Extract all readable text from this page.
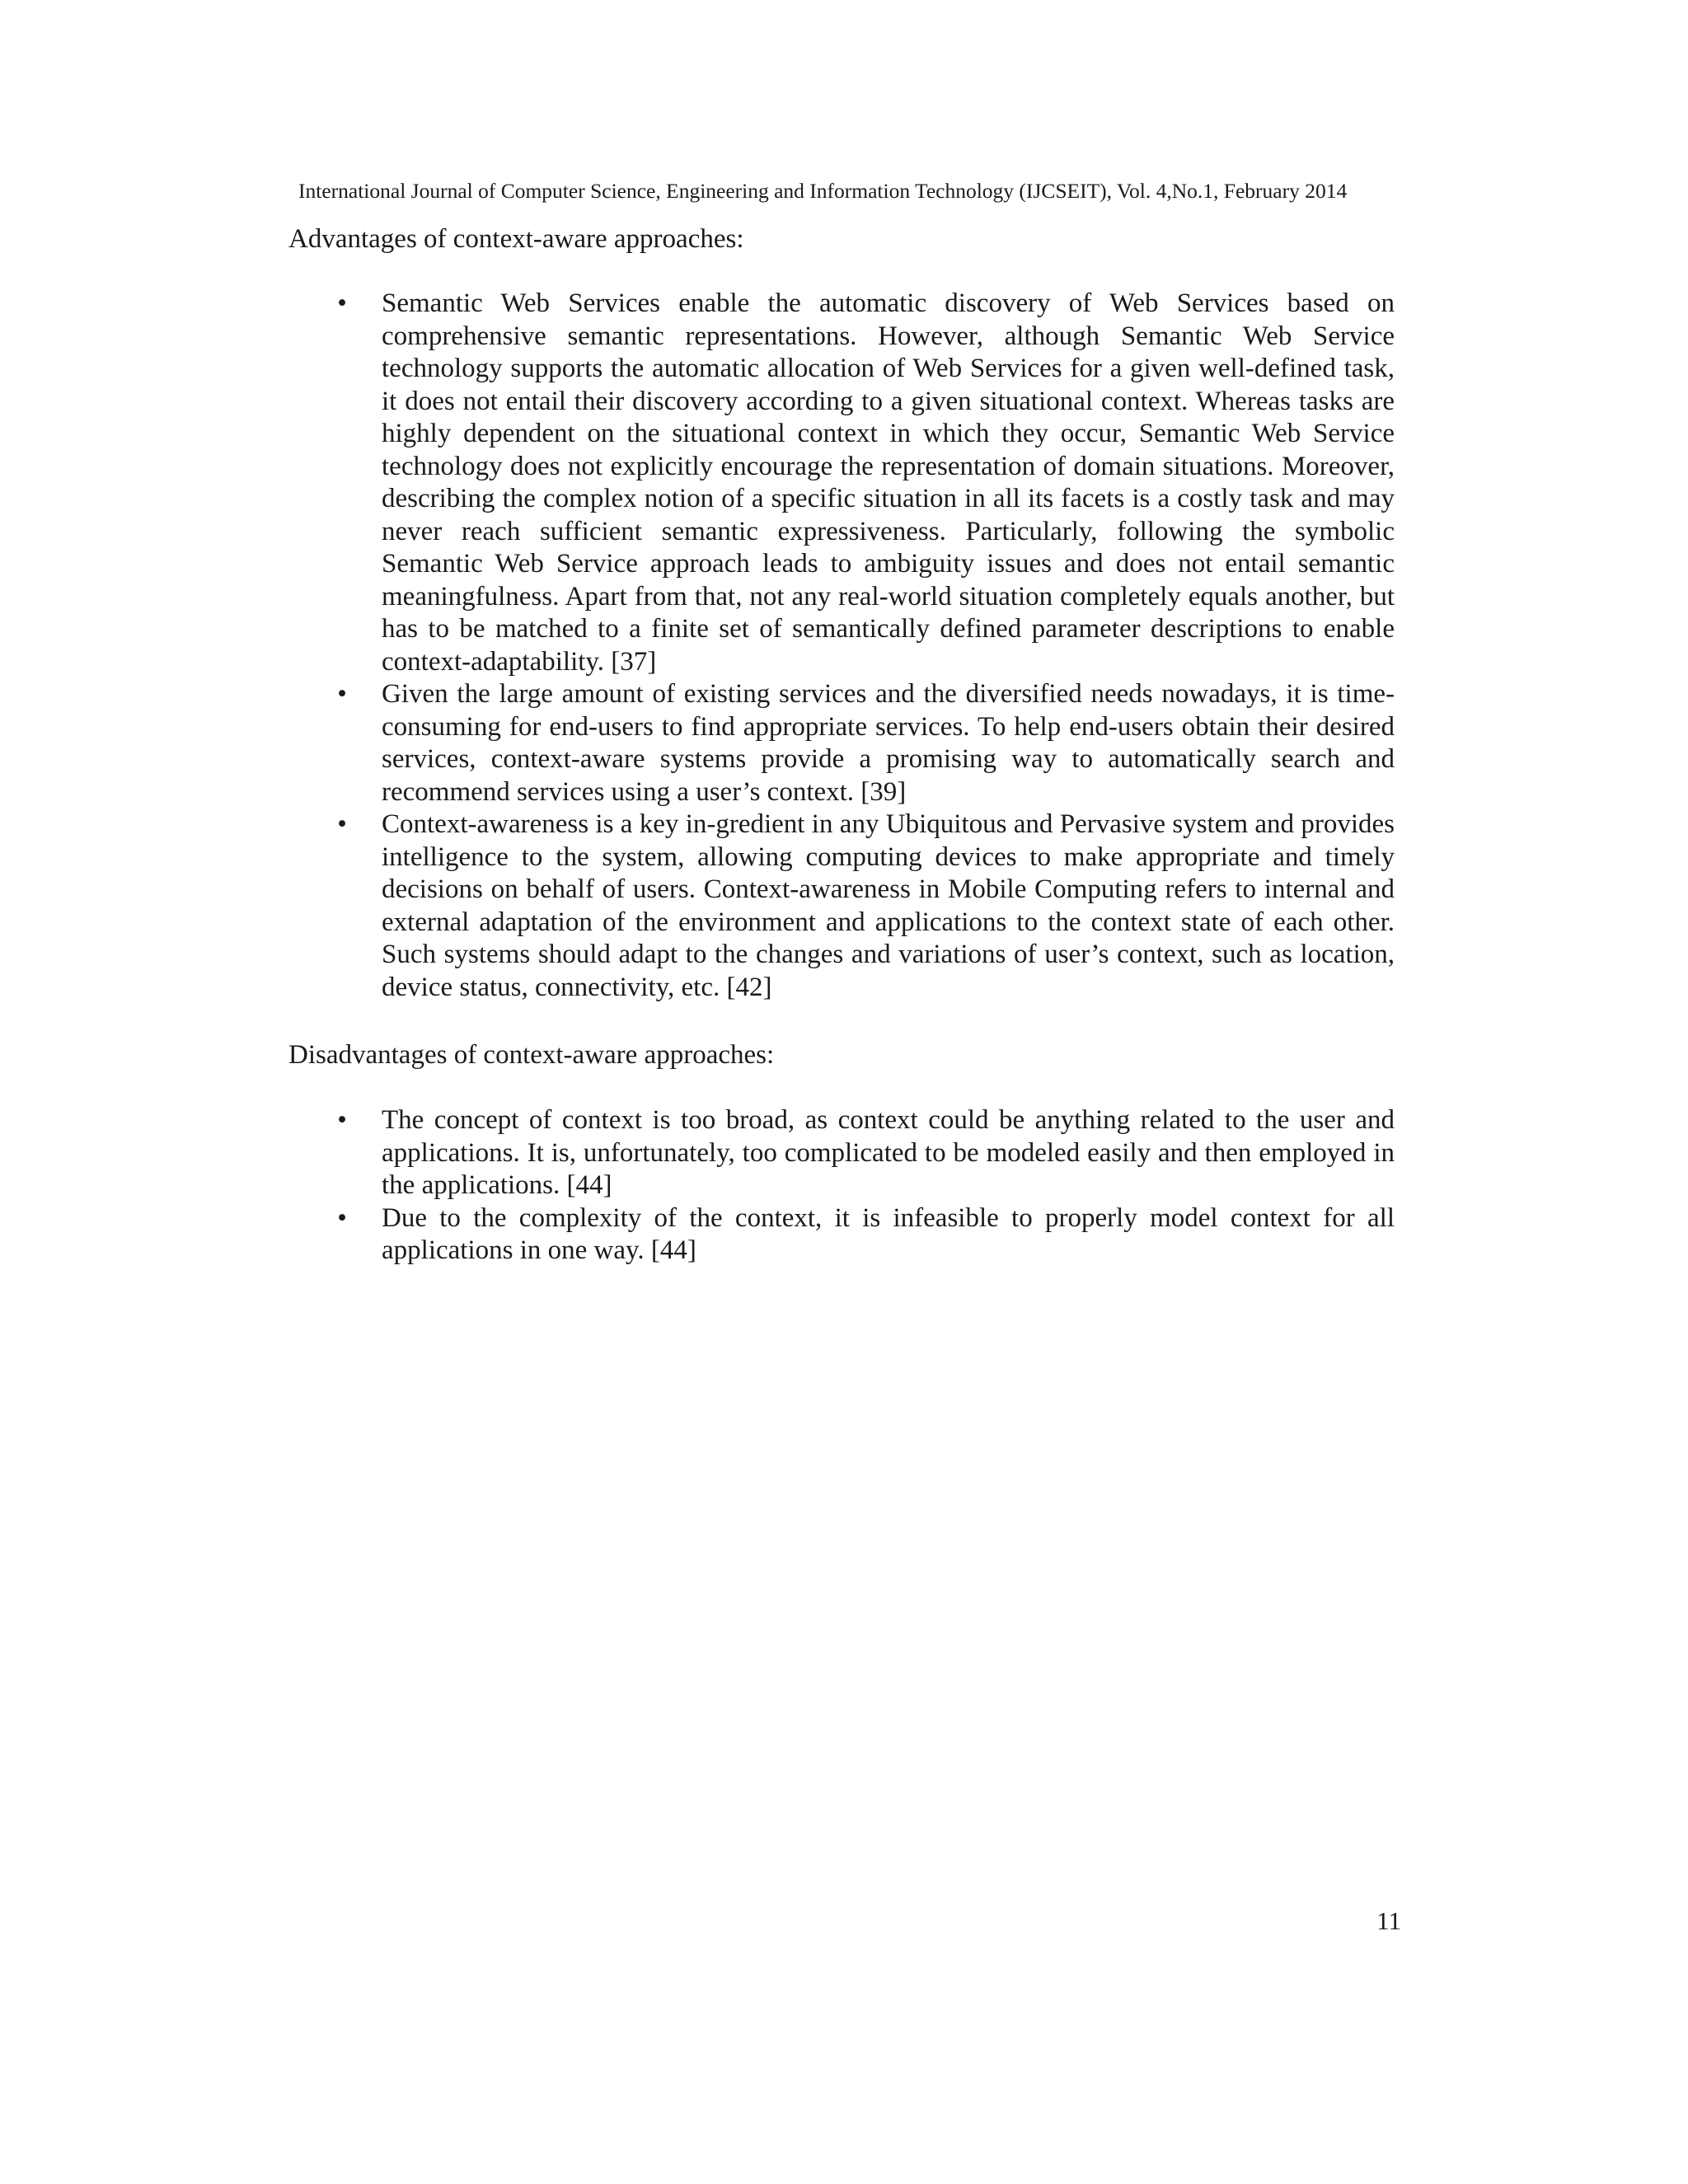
International Journal of Computer Science, Engineering and Information Technology (IJCSEIT), Vol. 4,No.1, February 2014
Advantages of context-aware approaches:
• Semantic Web Services enable the automatic discovery of Web Services based on comprehensive semantic representations. However, although Semantic Web Service technology supports the automatic allocation of Web Services for a given well-defined task, it does not entail their discovery according to a given situational context. Whereas tasks are highly dependent on the situational context in which they occur, Semantic Web Service technology does not explicitly encourage the representation of domain situations. Moreover, describing the complex notion of a specific situation in all its facets is a costly task and may never reach sufficient semantic expressiveness. Particularly, following the symbolic Semantic Web Service approach leads to ambiguity issues and does not entail semantic meaningfulness. Apart from that, not any real-world situation completely equals another, but has to be matched to a finite set of semantically defined parameter descriptions to enable context-adaptability. [37]
• Given the large amount of existing services and the diversified needs nowadays, it is time-consuming for end-users to find appropriate services. To help end-users obtain their desired services, context-aware systems provide a promising way to automatically search and recommend services using a user’s context. [39]
• Context-awareness is a key in-gredient in any Ubiquitous and Pervasive system and provides intelligence to the system, allowing computing devices to make appropriate and timely decisions on behalf of users. Context-awareness in Mobile Computing refers to internal and external adaptation of the environment and applications to the context state of each other. Such systems should adapt to the changes and variations of user’s context, such as location, device status, connectivity, etc. [42]
Disadvantages of context-aware approaches:
• The concept of context is too broad, as context could be anything related to the user and applications. It is, unfortunately, too complicated to be modeled easily and then employed in the applications. [44]
• Due to the complexity of the context, it is infeasible to properly model context for all applications in one way. [44]
11
